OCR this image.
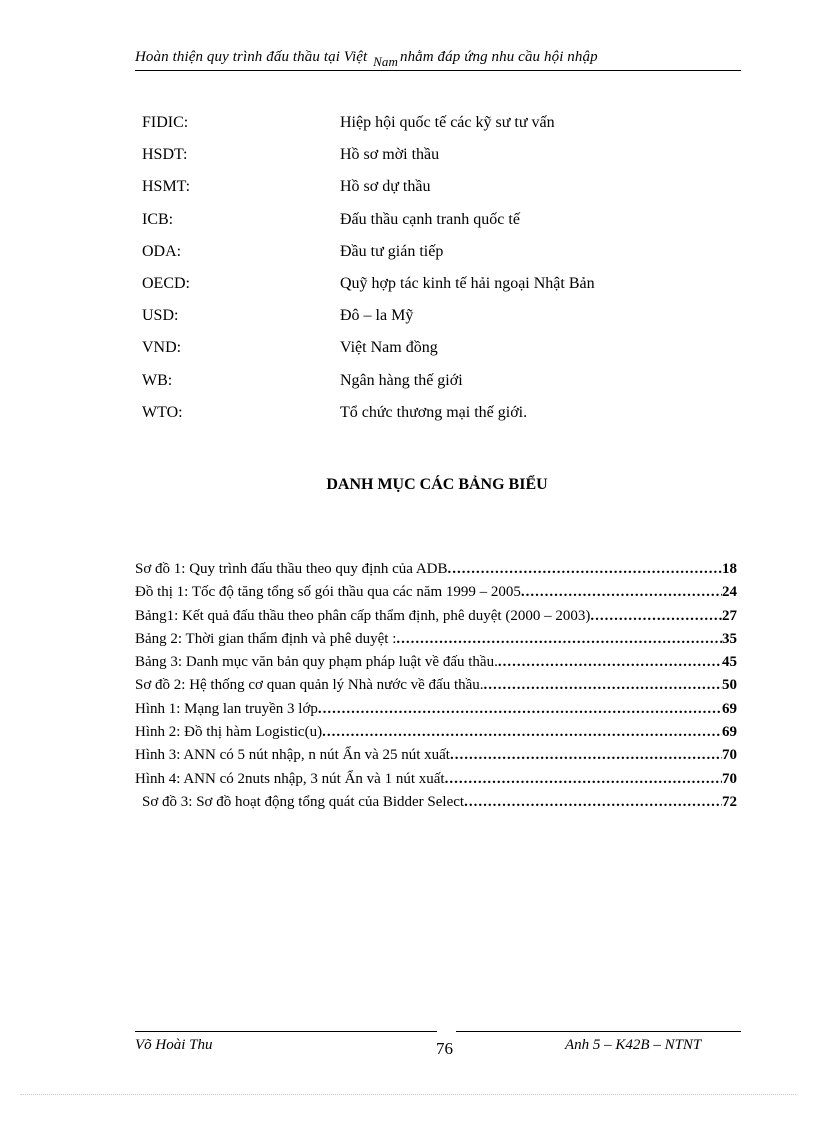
Hoàn thiện quy trình đấu thầu tại Việt Nam nhằm đáp ứng nhu cầu hội nhập
FIDIC:	Hiệp hội quốc tế các kỹ sư tư vấn
HSDT:	Hồ sơ mời thầu
HSMT:	Hồ sơ dự thầu
ICB:	Đấu thầu cạnh tranh quốc tế
ODA:	Đầu tư gián tiếp
OECD:	Quỹ hợp tác kinh tế hải ngoại Nhật Bản
USD:	Đô – la Mỹ
VND:	Việt Nam đồng
WB:	Ngân hàng thế giới
WTO:	Tổ chức thương mại thế giới.
DANH MỤC CÁC BẢNG BIỂU
Sơ đồ 1: Quy trình đấu thầu theo quy định của ADB .....	18
Đồ thị 1: Tốc độ tăng tổng số gói thầu qua các năm 1999 – 2005 .....	24
Bảng1: Kết quả đấu thầu theo phân cấp thẩm định, phê duyệt (2000 – 2003) .....	27
Bảng 2: Thời gian thẩm định và phê duyệt : .....	35
Bảng 3: Danh mục văn bản quy phạm pháp luật về đấu thầu. .....	45
Sơ đồ 2: Hệ thống cơ quan quản lý Nhà nước về đấu thầu. .....	50
Hình 1: Mạng lan truyền 3 lớp .....	69
Hình 2: Đồ thị hàm Logistic(u) .....	69
Hình 3: ANN có 5 nút nhập, n nút Ẩn và 25 nút xuất .....	70
Hình 4: ANN có 2nuts nhập, 3 nút Ẩn và 1 nút xuất .....	70
Sơ đồ 3: Sơ đồ hoạt động tổng quát của Bidder Select .....	72
Võ Hoài Thu	76	Anh 5 – K42B – NTNT
